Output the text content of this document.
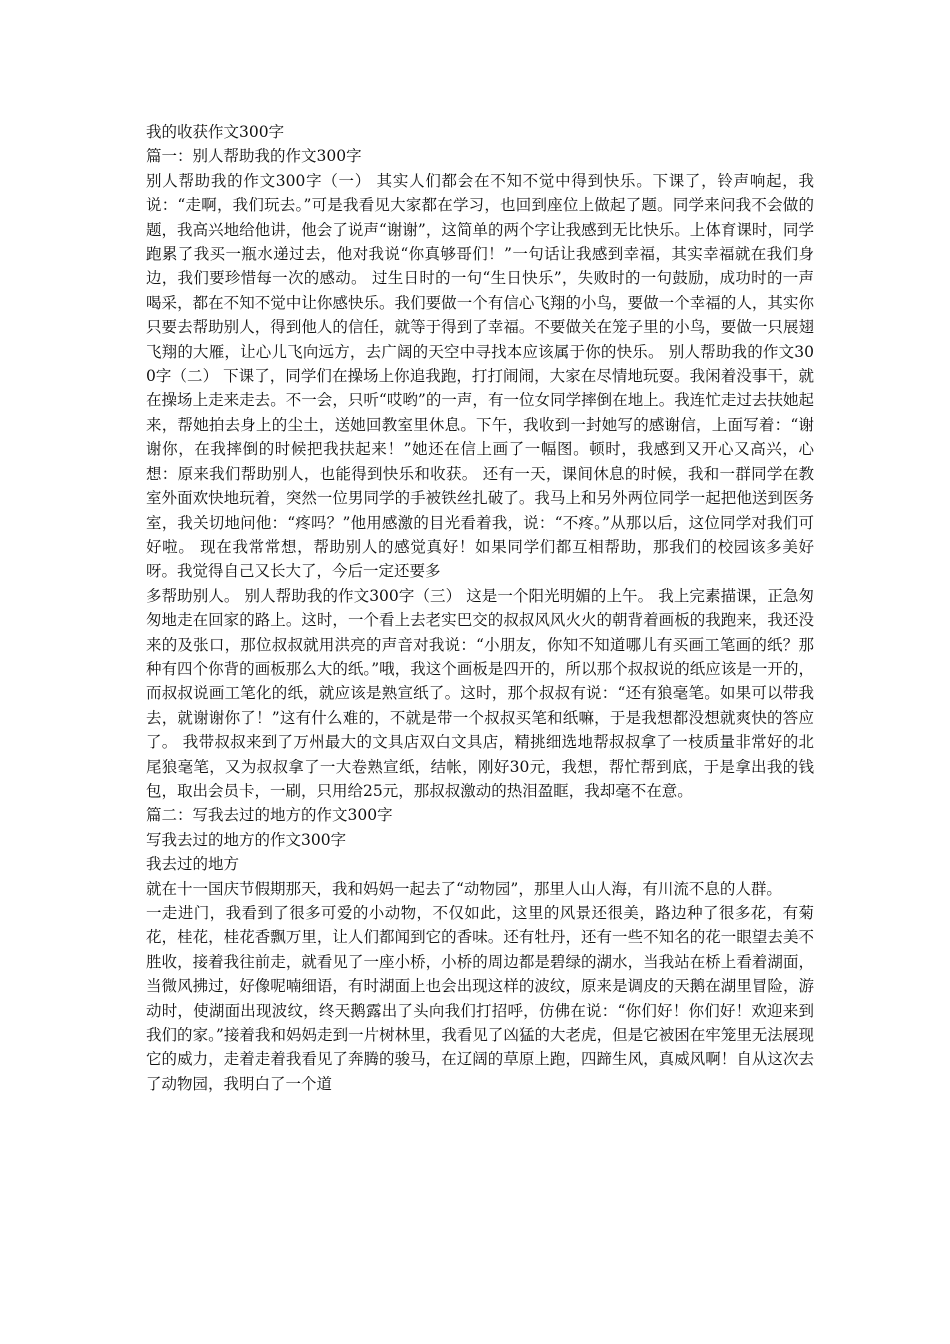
我的收获作文300字

篇一：别人帮助我的作文300字

别人帮助我的作文300字（一） 其实人们都会在不知不觉中得到快乐。下课了，铃声响起，我说：“走啊，我们玩去。”可是我看见大家都在学习，也回到座位上做起了题。同学来问我不会做的题，我高兴地给他讲，他会了说声“谢谢”，这简单的两个字让我感到无比快乐。上体育课时，同学跑累了我买一瓶水递过去，他对我说“你真够哥们！”一句话让我感到幸福，其实幸福就在我们身边，我们要珍惜每一次的感动。 过生日时的一句“生日快乐”，失败时的一句鼓励，成功时的一声喝采，都在不知不觉中让你感快乐。我们要做一个有信心飞翔的小鸟，要做一个幸福的人，其实你只要去帮助别人，得到他人的信任，就等于得到了幸福。不要做关在笼子里的小鸟，要做一只展翅飞翔的大雁，让心儿飞向远方，去广阔的天空中寻找本应该属于你的快乐。 别人帮助我的作文300字（二） 下课了，同学们在操场上你追我跑，打打闹闹，大家在尽情地玩耍。我闲着没事干，就在操场上走来走去。不一会，只听“哎哟”的一声，有一位女同学摔倒在地上。我连忙走过去扶她起来，帮她拍去身上的尘土，送她回教室里休息。下午，我收到一封她写的感谢信，上面写着：“谢谢你，在我摔倒的时候把我扶起来！”她还在信上画了一幅图。顿时，我感到又开心又高兴，心想：原来我们帮助别人，也能得到快乐和收获。 还有一天，课间休息的时候，我和一群同学在教室外面欢快地玩着，突然一位男同学的手被铁丝扎破了。我马上和另外两位同学一起把他送到医务室，我关切地问他：“疼吗？”他用感激的目光看着我，说：“不疼。”从那以后，这位同学对我们可好啦。 现在我常常想，帮助别人的感觉真好！如果同学们都互相帮助，那我们的校园该多美好呀。我觉得自己又长大了，今后一定还要多

多帮助别人。 别人帮助我的作文300字（三） 这是一个阳光明媚的上午。 我上完素描课，正急匆匆地走在回家的路上。这时，一个看上去老实巴交的叔叔风风火火的朝背着画板的我跑来，我还没来的及张口，那位叔叔就用洪亮的声音对我说：“小朋友，你知不知道哪儿有买画工笔画的纸？那种有四个你背的画板那么大的纸。”哦，我这个画板是四开的，所以那个叔叔说的纸应该是一开的，而叔叔说画工笔化的纸，就应该是熟宣纸了。这时，那个叔叔有说：“还有狼毫笔。如果可以带我去，就谢谢你了！”这有什么难的，不就是带一个叔叔买笔和纸嘛，于是我想都没想就爽快的答应了。 我带叔叔来到了万州最大的文具店双白文具店，精挑细选地帮叔叔拿了一枝质量非常好的北尾狼毫笔，又为叔叔拿了一大卷熟宣纸，结帐，刚好30元，我想，帮忙帮到底，于是拿出我的钱包，取出会员卡，一刷，只用给25元，那叔叔激动的热泪盈眶，我却毫不在意。

篇二：写我去过的地方的作文300字

写我去过的地方的作文300字

我去过的地方

就在十一国庆节假期那天，我和妈妈一起去了“动物园”，那里人山人海，有川流不息的人群。

一走进门，我看到了很多可爱的小动物，不仅如此，这里的风景还很美，路边种了很多花，有菊花，桂花，桂花香飘万里，让人们都闻到它的香味。还有牡丹，还有一些不知名的花一眼望去美不胜收，接着我往前走，就看见了一座小桥，小桥的周边都是碧绿的湖水，当我站在桥上看着湖面，当微风拂过，好像呢喃细语，有时湖面上也会出现这样的波纹，原来是调皮的天鹅在湖里冒险，游动时，使湖面出现波纹，终天鹅露出了头向我们打招呼，仿佛在说：“你们好！你们好！欢迎来到我们的家。”接着我和妈妈走到一片树林里，我看见了凶猛的大老虎，但是它被困在牢笼里无法展现它的威力，走着走着我看见了奔腾的骏马，在辽阔的草原上跑，四蹄生风，真威风啊！自从这次去了动物园，我明白了一个道
